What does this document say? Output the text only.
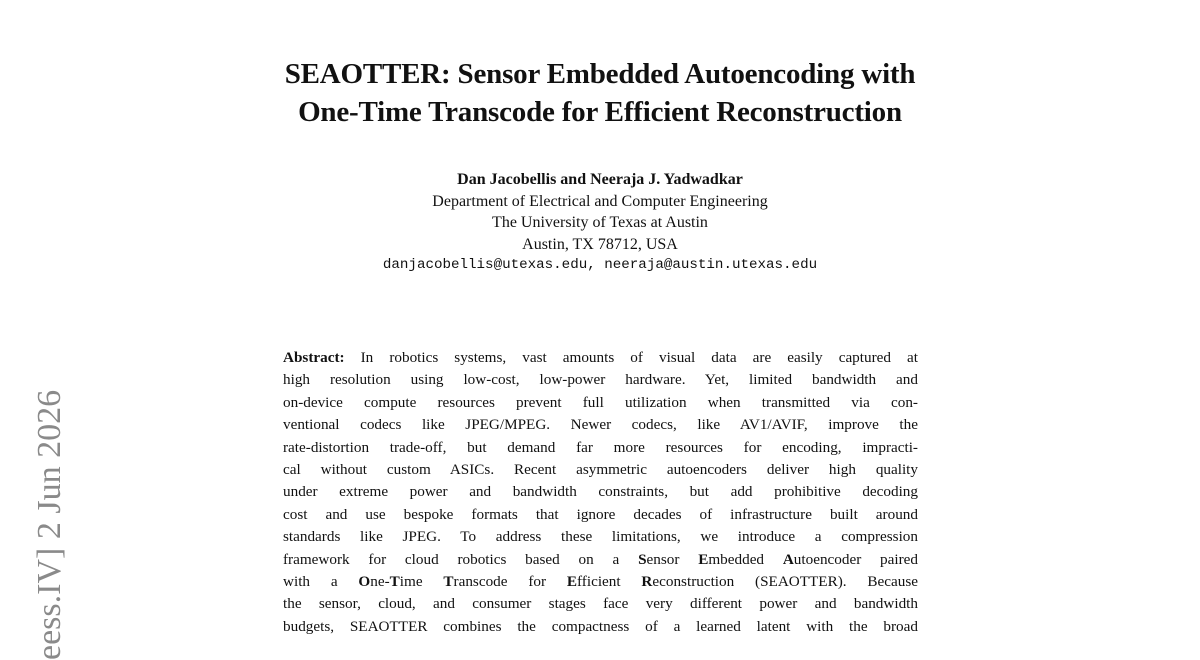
SEAOTTER: Sensor Embedded Autoencoding with
One-Time Transcode for Efficient Reconstruction
Dan Jacobellis and Neeraja J. Yadwadkar
Department of Electrical and Computer Engineering
The University of Texas at Austin
Austin, TX 78712, USA
danjacobellis@utexas.edu, neeraja@austin.utexas.edu
eess.IV] 2 Jun 2026
Abstract: In robotics systems, vast amounts of visual data are easily captured at
high resolution using low-cost, low-power hardware. Yet, limited bandwidth and
on-device compute resources prevent full utilization when transmitted via con-
ventional codecs like JPEG/MPEG. Newer codecs, like AV1/AVIF, improve the
rate-distortion trade-off, but demand far more resources for encoding, impracti-
cal without custom ASICs. Recent asymmetric autoencoders deliver high quality
under extreme power and bandwidth constraints, but add prohibitive decoding
cost and use bespoke formats that ignore decades of infrastructure built around
standards like JPEG. To address these limitations, we introduce a compression
framework for cloud robotics based on a Sensor Embedded Autoencoder paired
with a One-Time Transcode for Efficient Reconstruction (SEAOTTER). Because
the sensor, cloud, and consumer stages face very different power and bandwidth
budgets, SEAOTTER combines the compactness of a learned latent with the broad
